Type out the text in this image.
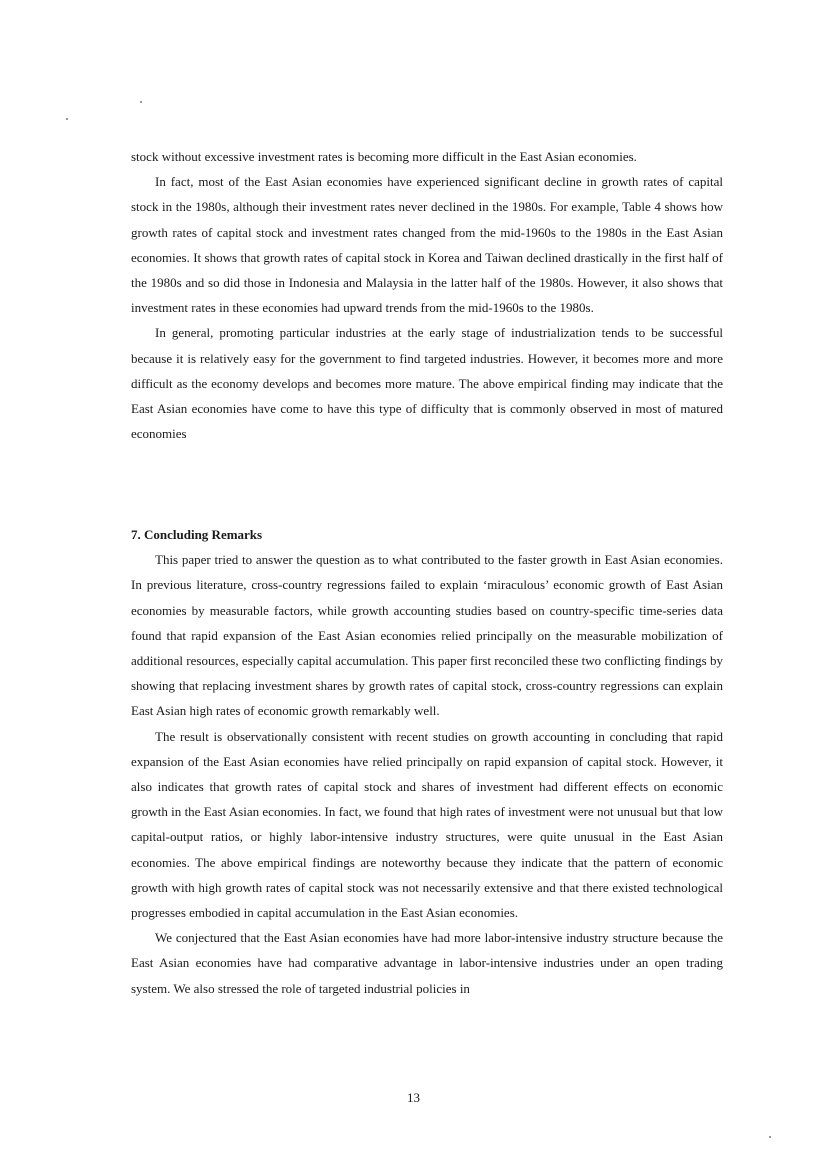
stock without excessive investment rates is becoming more difficult in the East Asian economies.

In fact, most of the East Asian economies have experienced significant decline in growth rates of capital stock in the 1980s, although their investment rates never declined in the 1980s. For example, Table 4 shows how growth rates of capital stock and investment rates changed from the mid-1960s to the 1980s in the East Asian economies. It shows that growth rates of capital stock in Korea and Taiwan declined drastically in the first half of the 1980s and so did those in Indonesia and Malaysia in the latter half of the 1980s. However, it also shows that investment rates in these economies had upward trends from the mid-1960s to the 1980s.

In general, promoting particular industries at the early stage of industrialization tends to be successful because it is relatively easy for the government to find targeted industries. However, it becomes more and more difficult as the economy develops and becomes more mature. The above empirical finding may indicate that the East Asian economies have come to have this type of difficulty that is commonly observed in most of matured economies

7. Concluding Remarks

This paper tried to answer the question as to what contributed to the faster growth in East Asian economies. In previous literature, cross-country regressions failed to explain ‘miraculous’ economic growth of East Asian economies by measurable factors, while growth accounting studies based on country-specific time-series data found that rapid expansion of the East Asian economies relied principally on the measurable mobilization of additional resources, especially capital accumulation. This paper first reconciled these two conflicting findings by showing that replacing investment shares by growth rates of capital stock, cross-country regressions can explain East Asian high rates of economic growth remarkably well.

The result is observationally consistent with recent studies on growth accounting in concluding that rapid expansion of the East Asian economies have relied principally on rapid expansion of capital stock. However, it also indicates that growth rates of capital stock and shares of investment had different effects on economic growth in the East Asian economies. In fact, we found that high rates of investment were not unusual but that low capital-output ratios, or highly labor-intensive industry structures, were quite unusual in the East Asian economies. The above empirical findings are noteworthy because they indicate that the pattern of economic growth with high growth rates of capital stock was not necessarily extensive and that there existed technological progresses embodied in capital accumulation in the East Asian economies.

We conjectured that the East Asian economies have had more labor-intensive industry structure because the East Asian economies have had comparative advantage in labor-intensive industries under an open trading system. We also stressed the role of targeted industrial policies in

13
